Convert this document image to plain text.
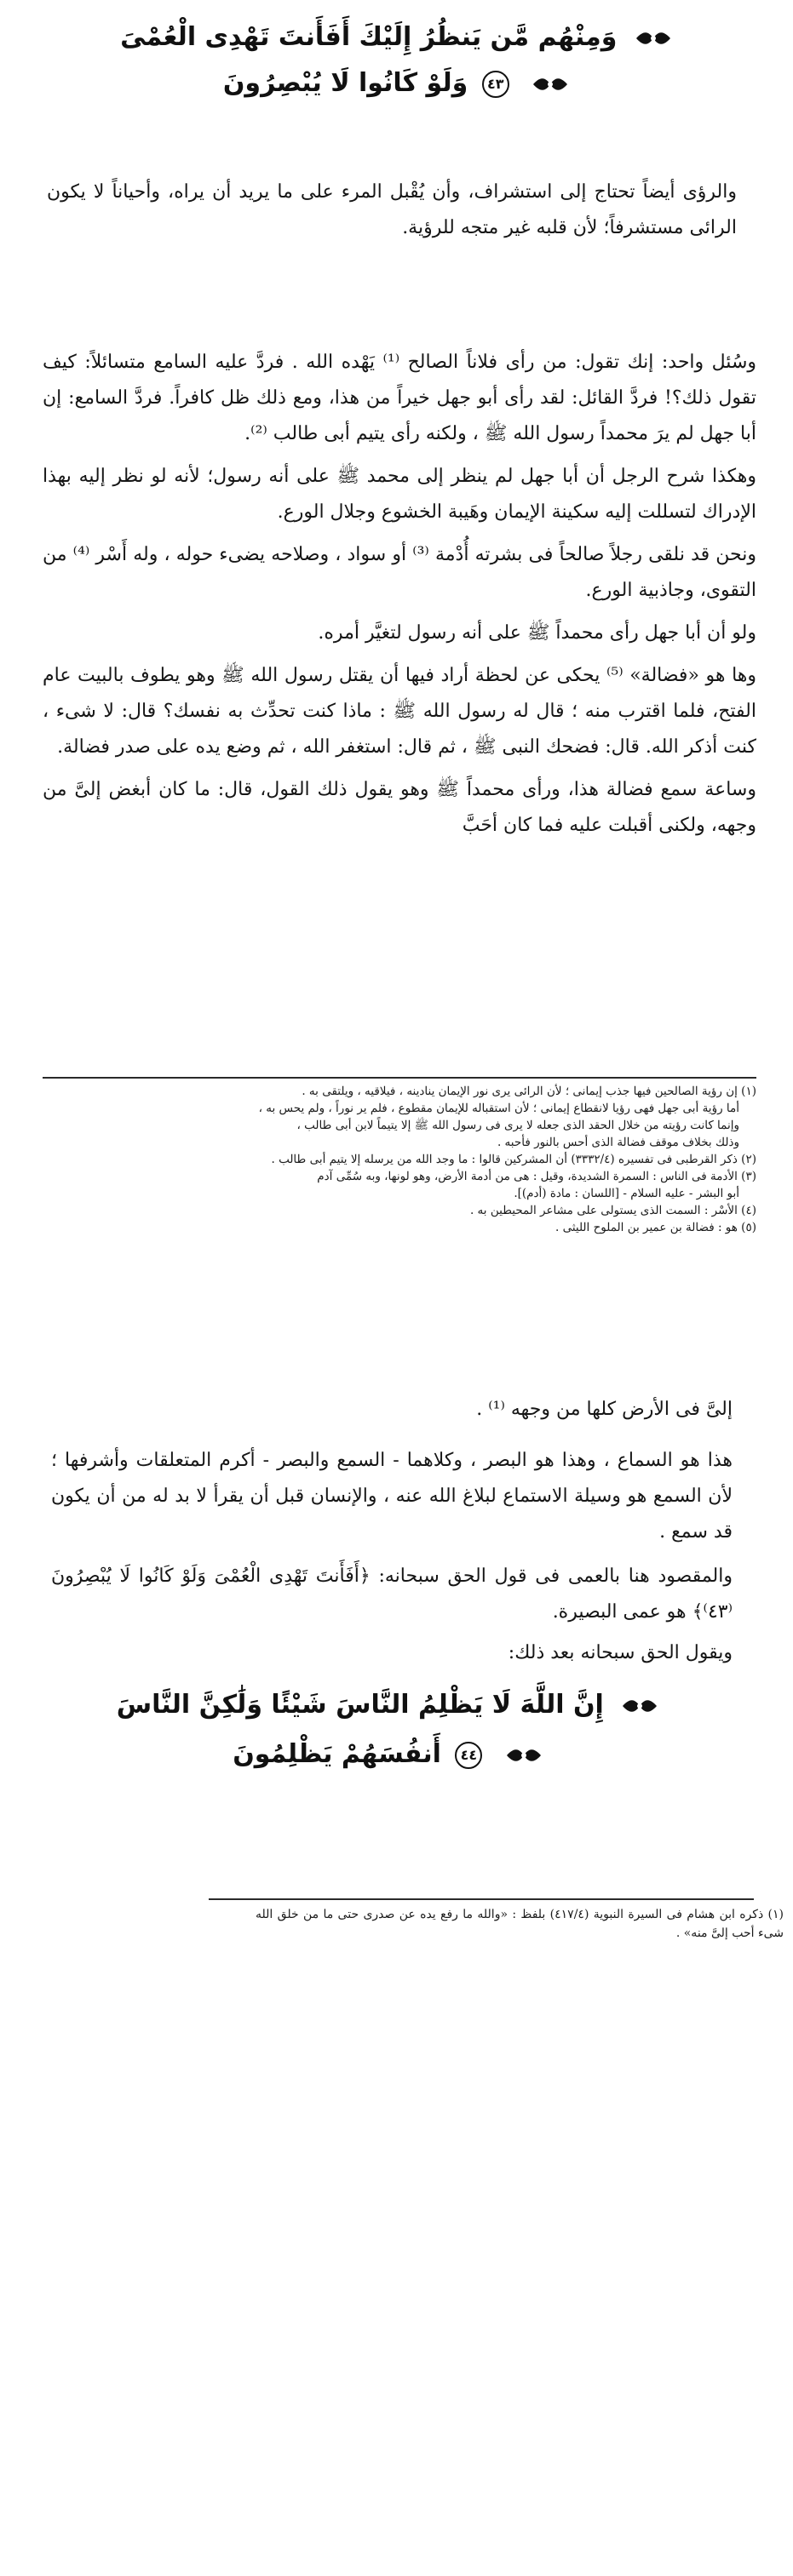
وَمِنْهُم مَّن يَنظُرُ إِلَيْكَ أَفَأَنتَ تَهْدِى الْعُمْىَ
٤٣ وَلَوْ كَانُوا لَا يُبْصِرُونَ
والرؤى أيضاً تحتاج إلى استشراف، وأن يُقْبل المرء على ما يريد أن يراه، وأحياناً لا يكون الرائى مستشرفاً؛ لأن قلبه غير متجه للرؤية.

وسُئل واحد: إنك تقول: من رأى فلاناً الصالح ⁽¹⁾ يَهْده الله . فردَّ عليه السامع متسائلاً: كيف تقول ذلك؟! فردَّ القائل: لقد رأى أبو جهل خيراً من هذا، ومع ذلك ظل كافراً. فردَّ السامع: إن أبا جهل لم يرَ محمداً رسول الله ﷺ ، ولكنه رأى يتيم أبى طالب ⁽²⁾.

وهكذا شرح الرجل أن أبا جهل لم ينظر إلى محمد ﷺ على أنه رسول؛ لأنه لو نظر إليه بهذا الإدراك لتسللت إليه سكينة الإيمان وهَيبة الخشوع وجلال الورع.

ونحن قد نلقى رجلاً صالحاً فى بشرته أُدْمة ⁽³⁾ أو سواد ، وصلاحه يضىء حوله ، وله أَسْر ⁽⁴⁾ من التقوى، وجاذبية الورع.

ولو أن أبا جهل رأى محمداً ﷺ على أنه رسول لتغيَّر أمره.

وها هو «فضالة» ⁽⁵⁾ يحكى عن لحظة أراد فيها أن يقتل رسول الله ﷺ وهو يطوف بالبيت عام الفتح، فلما اقترب منه ؛ قال له رسول الله ﷺ : ماذا كنت تحدِّث به نفسك؟ قال: لا شىء ، كنت أذكر الله. قال: فضحك النبى ﷺ ، ثم قال: استغفر الله ، ثم وضع يده على صدر فضالة.

وساعة سمع فضالة هذا، ورأى محمداً ﷺ وهو يقول ذلك القول، قال: ما كان أبغض إلىَّ من وجهه، ولكنى أقبلت عليه فما كان أحَبَّ

(١) إن رؤية الصالحين فيها جذب إيمانى ؛ لأن الرائى يرى نور الإيمان ينادينه ، فيلاقيه ، ويلتقى به .
أما رؤية أبى جهل فهى رؤيا لانقطاع إيمانى ؛ لأن استقباله للإيمان مقطوع ، فلم ير نوراً ، ولم يحس به ،
وإنما كانت رؤيته من خلال الحقد الذى جعله لا يرى فى رسول الله ﷺ إلا يتيماً لابن أبى طالب ،
وذلك بخلاف موقف فضالة الذى أحس بالنور فأحبه .
(٢) ذكر القرطبى فى تفسيره (٣٣٣٢/٤) أن المشركين قالوا : ما وجد الله من يرسله إلا يتيم أبى طالب .
(٣) الأدمة فى الناس : السمرة الشديدة، وقيل : هى من أدمة الأرض، وهو لونها، وبه سُمِّى آدم
أبو البشر - عليه السلام - [اللسان : مادة (أدم)].
(٤) الأسْر : السمت الذى يستولى على مشاعر المحيطين به .
(٥) هو : فضالة بن عمير بن الملوح الليثى .

إلىَّ فى الأرض كلها من وجهه ⁽¹⁾ .

هذا هو السماع ، وهذا هو البصر ، وكلاهما - السمع والبصر - أكرم المتعلقات وأشرفها ؛ لأن السمع هو وسيلة الاستماع لبلاغ الله عنه ، والإنسان قبل أن يقرأ لا بد له من أن يكون قد سمع .

والمقصود هنا بالعمى فى قول الحق سبحانه: ﴿أَفَأَنتَ تَهْدِى الْعُمْىَ وَلَوْ كَانُوا لَا يُبْصِرُونَ ⁽٤٣⁾﴾ هو عمى البصيرة.

ويقول الحق سبحانه بعد ذلك:

إِنَّ اللَّهَ لَا يَظْلِمُ النَّاسَ شَيْئًا وَلَٰكِنَّ النَّاسَ
٤٤ أَنفُسَهُمْ يَظْلِمُونَ
(١) ذكره ابن هشام فى السيرة النبوية (٤١٧/٤) بلفظ : «والله ما رفع يده عن صدرى حتى ما من خلق الله شىء أحب إلىَّ منه» .
